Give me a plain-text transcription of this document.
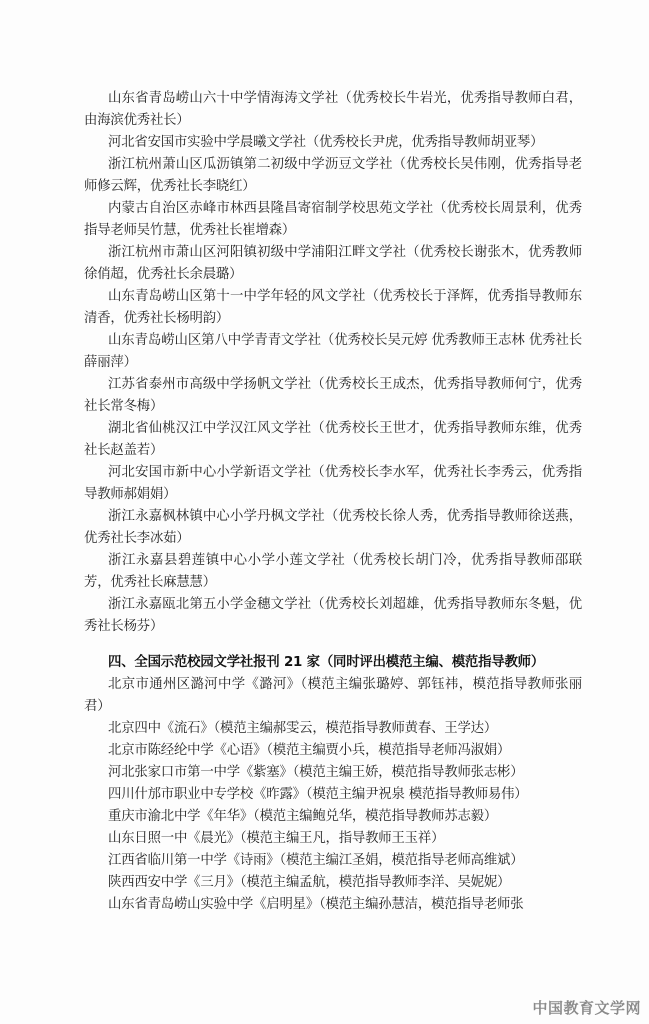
山东省青岛崂山六十中学情海涛文学社（优秀校长牛岩光，优秀指导教师白君，由海滨优秀社长）

河北省安国市实验中学晨曦文学社（优秀校长尹虎，优秀指导教师胡亚琴）

浙江杭州萧山区瓜沥镇第二初级中学沥豆文学社（优秀校长吴伟刚，优秀指导老师修云辉，优秀社长李晓红）

内蒙古自治区赤峰市林西县隆昌寄宿制学校思苑文学社（优秀校长周景利，优秀指导老师吴竹慧，优秀社长崔增森）

浙江杭州市萧山区河阳镇初级中学浦阳江畔文学社（优秀校长谢张木，优秀教师徐俏超，优秀社长余晨璐）

山东青岛崂山区第十一中学年轻的风文学社（优秀校长于泽辉，优秀指导教师东清香，优秀社长杨明韵）

山东青岛崂山区第八中学青青文学社（优秀校长吴元婷 优秀教师王志林 优秀社长薛丽萍）

江苏省泰州市高级中学扬帆文学社（优秀校长王成杰，优秀指导教师何宁，优秀社长常冬梅）

湖北省仙桃汉江中学汉江风文学社（优秀校长王世才，优秀指导教师东维，优秀社长赵盖若）

河北安国市新中心小学新语文学社（优秀校长李水军，优秀社长李秀云，优秀指导教师郝娟娟）

浙江永嘉枫林镇中心小学丹枫文学社（优秀校长徐人秀，优秀指导教师徐送燕，优秀社长李冰茹）

浙江永嘉县碧莲镇中心小学小莲文学社（优秀校长胡门冷，优秀指导教师邵联芳，优秀社长麻慧慧）

浙江永嘉瓯北第五小学金穗文学社（优秀校长刘超雄，优秀指导教师东冬魁，优秀社长杨芬）

四、全国示范校园文学社报刊 21 家（同时评出模范主编、模范指导教师）

北京市通州区潞河中学《潞河》（模范主编张璐婷、郭钰祎，模范指导教师张丽君）

北京四中《流石》（模范主编郝雯云，模范指导教师黄春、王学达）

北京市陈经纶中学《心语》（模范主编贾小兵，模范指导老师冯淑娟）

河北张家口市第一中学《紫塞》（模范主编王娇，模范指导教师张志彬）

四川什邡市职业中专学校《昨露》（模范主编尹祝泉 模范指导教师易伟）

重庆市渝北中学《年华》（模范主编鲍兑华，模范指导教师苏志毅）

山东日照一中《晨光》（模范主编王凡，指导教师王玉祥）

江西省临川第一中学《诗雨》（模范主编江圣娟，模范指导老师高维斌）

陕西西安中学《三月》（模范主编孟航，模范指导教师李洋、吴妮妮）

山东省青岛崂山实验中学《启明星》（模范主编孙慧洁，模范指导老师张

中国教育文学网
